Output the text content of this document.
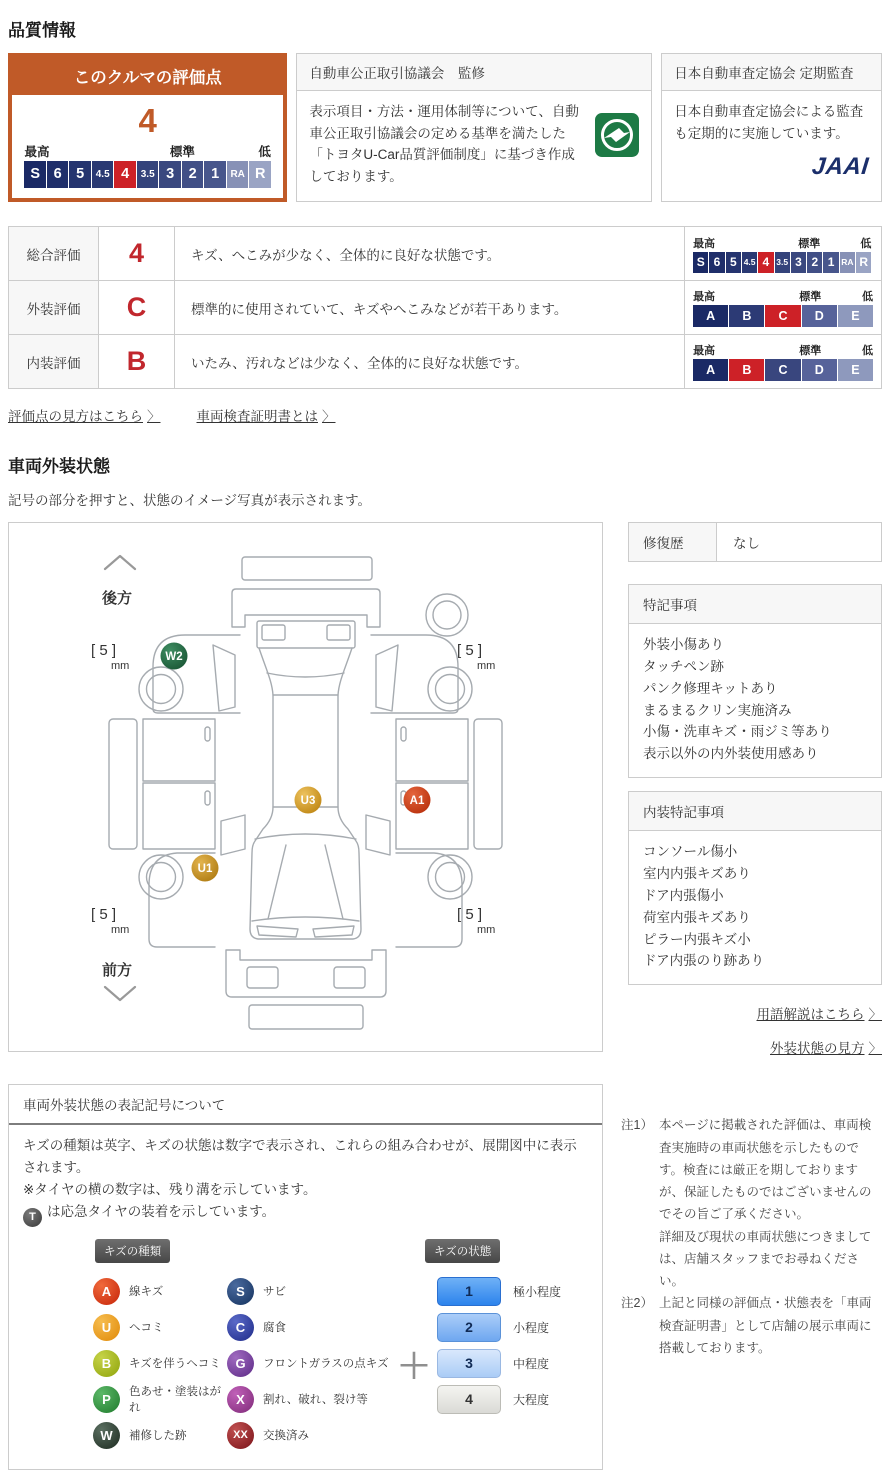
品質情報
このクルマの評価点
4
最高	標準	低
S 6 5	4.5 4	3.5 3 2 1	RA R
自動車公正取引協議会　監修

表示項目・方法・運用体制等について、自動車公正取引協議会の定める基準を満たした「トヨタU-Car品質評価制度」に基づき作成しております。

日本自動車査定協会 定期監査

日本自動車査定協会による監査も定期的に実施しています。

JAAI
総合評価	4	キズ、へこみが少なく、全体的に良好な状態です。	
最高	標準	低
S 6 5 4.5 4 3.5 3 2 1 RA R

外装評価	C	標準的に使用されていて、キズやへこみなどが若干あります。	
最高	標準	低
A	B	C	D	E

内装評価	B	いたみ、汚れなどは少なく、全体的に良好な状態です。	
最高	標準	低
A	B	C	D	E
評価点の見方はこちら 〉	車両検査証明書とは 〉
車両外装状態
記号の部分を押すと、状態のイメージ写真が表示されます。
後方
前方
[ 5 ]	[ 5 ]
[ 5 ]	[ 5 ]
mm	mm
mm	mm
W2
U3	A1
U1
修復歴	なし
特記事項
外装小傷あり
タッチペン跡
パンク修理キットあり
まるまるクリン実施済み
小傷・洗車キズ・雨ジミ等あり
表示以外の内外装使用感あり
内装特記事項
コンソール傷小
室内内張キズあり
ドア内張傷小
荷室内張キズあり
ピラー内張キズ小
ドア内張のり跡あり
用語解説はこちら 〉
外装状態の見方 〉
車両外装状態の表記記号について

キズの種類は英字、キズの状態は数字で表示され、これらの組み合わせが、展開図中に表示されます。

※タイヤの横の数字は、残り溝を示しています。

T は応急タイヤの装着を示しています。

キズの種類	キズの状態
A	線キズ
U	ヘコミ
B	キズを伴うヘコミ
P	色あせ・塗装はがれ
W	補修した跡
S	サビ
C	腐食
G	フロントガラスの点キズ
X	割れ、破れ、裂け等
XX	交換済み
＋
1	極小程度
2	小程度
3	中程度
4	大程度
注1） 本ページに掲載された評価は、車両検査実施時の車両状態を示したものです。検査には厳正を期しておりますが、保証したものではございませんのでその旨ご了承ください。

詳細及び現状の車両状態につきましては、店舗スタッフまでお尋ねください。

注2） 上記と同様の評価点・状態表を「車両検査証明書」として店舗の展示車両に搭載しております。
